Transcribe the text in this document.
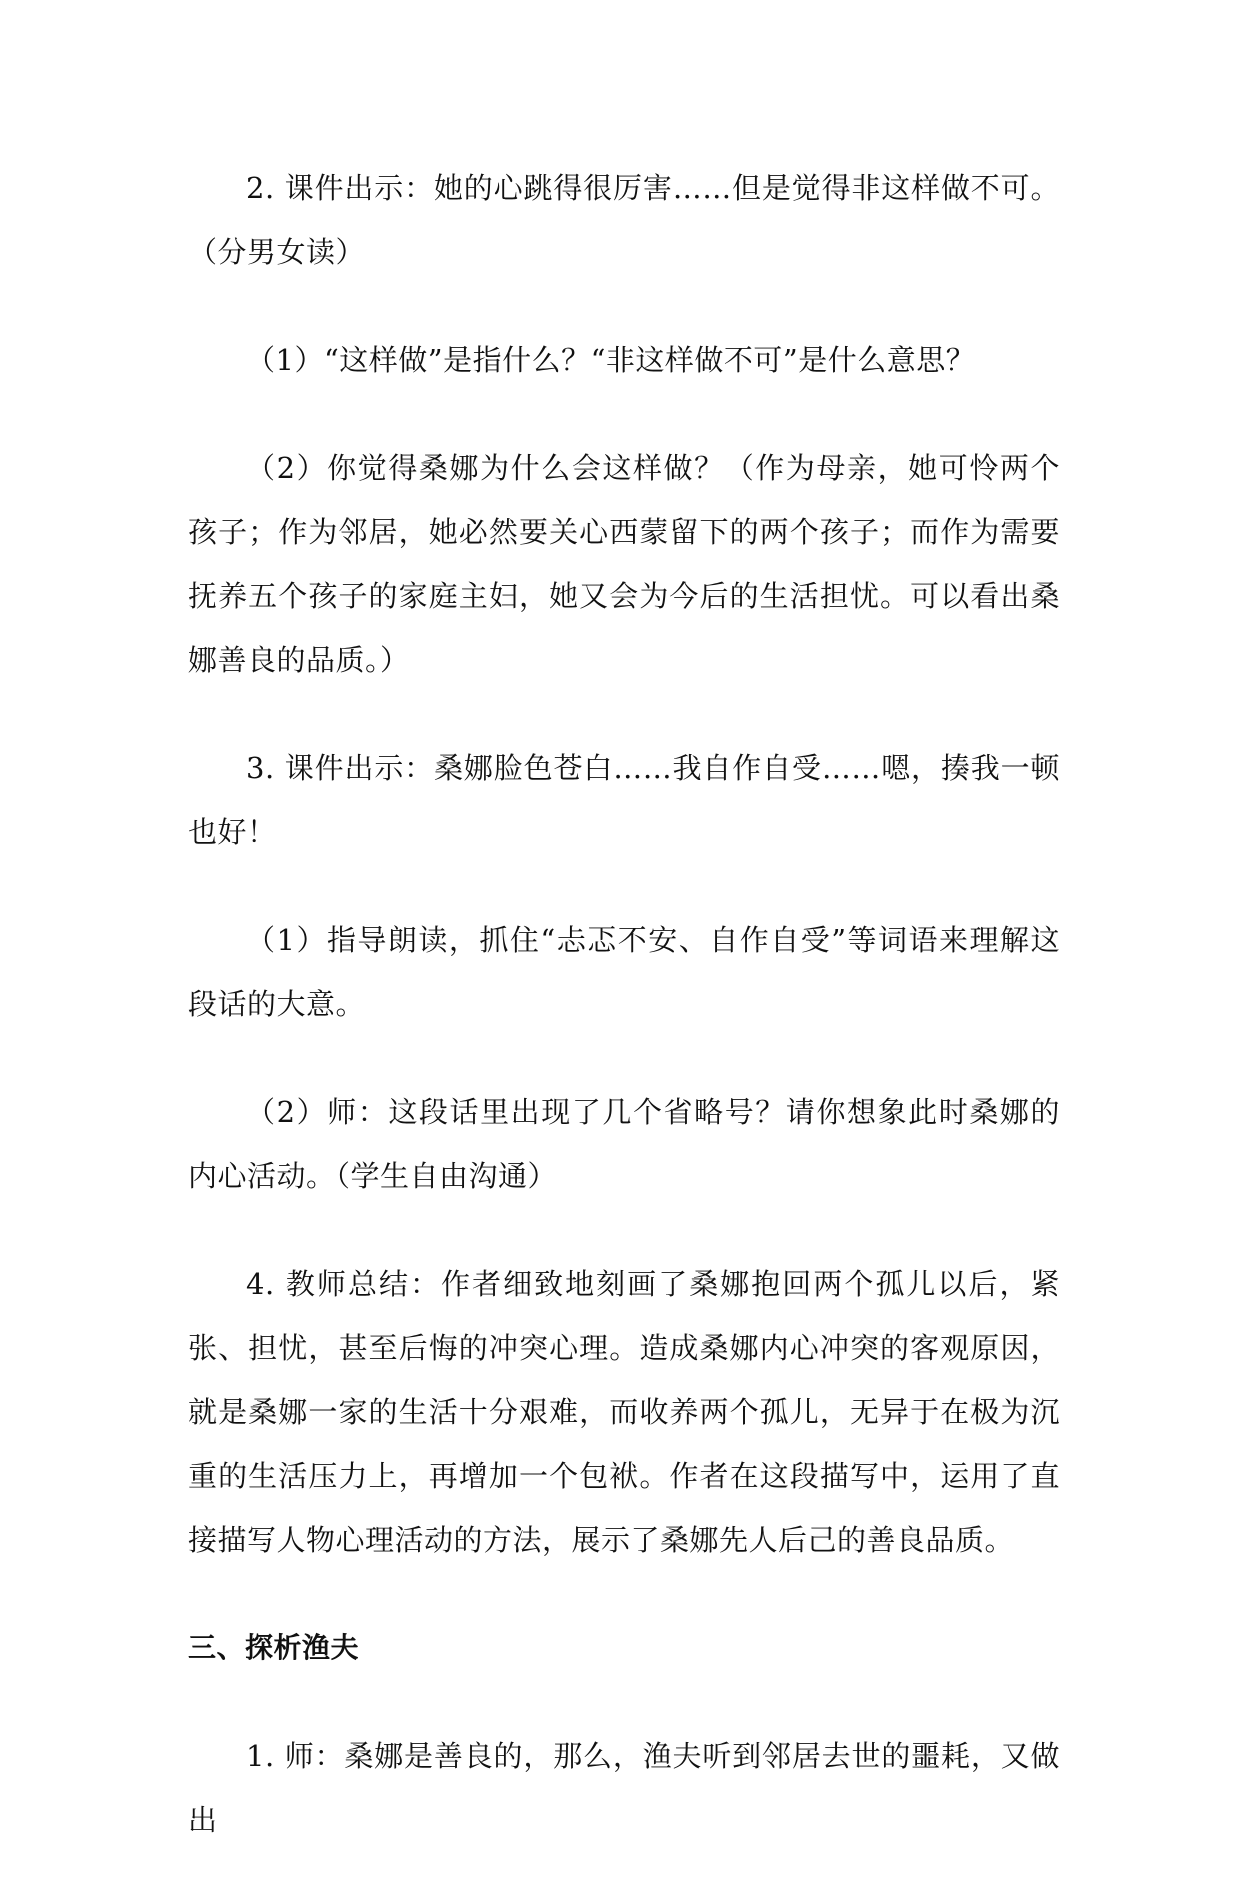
2. 课件出示：她的心跳得很厉害……但是觉得非这样做不可。（分男女读）

（1）“这样做”是指什么？“非这样做不可”是什么意思？

（2）你觉得桑娜为什么会这样做？（作为母亲，她可怜两个孩子；作为邻居，她必然要关心西蒙留下的两个孩子；而作为需要抚养五个孩子的家庭主妇，她又会为今后的生活担忧。可以看出桑娜善良的品质。）

3. 课件出示：桑娜脸色苍白……我自作自受……嗯，揍我一顿也好！

（1）指导朗读，抓住“忐忑不安、自作自受”等词语来理解这段话的大意。

（2）师：这段话里出现了几个省略号？请你想象此时桑娜的内心活动。（学生自由沟通）

4. 教师总结：作者细致地刻画了桑娜抱回两个孤儿以后，紧张、担忧，甚至后悔的冲突心理。造成桑娜内心冲突的客观原因，就是桑娜一家的生活十分艰难，而收养两个孤儿，无异于在极为沉重的生活压力上，再增加一个包袱。作者在这段描写中，运用了直接描写人物心理活动的方法，展示了桑娜先人后己的善良品质。

三、探析渔夫

1. 师：桑娜是善良的，那么，渔夫听到邻居去世的噩耗，又做出
